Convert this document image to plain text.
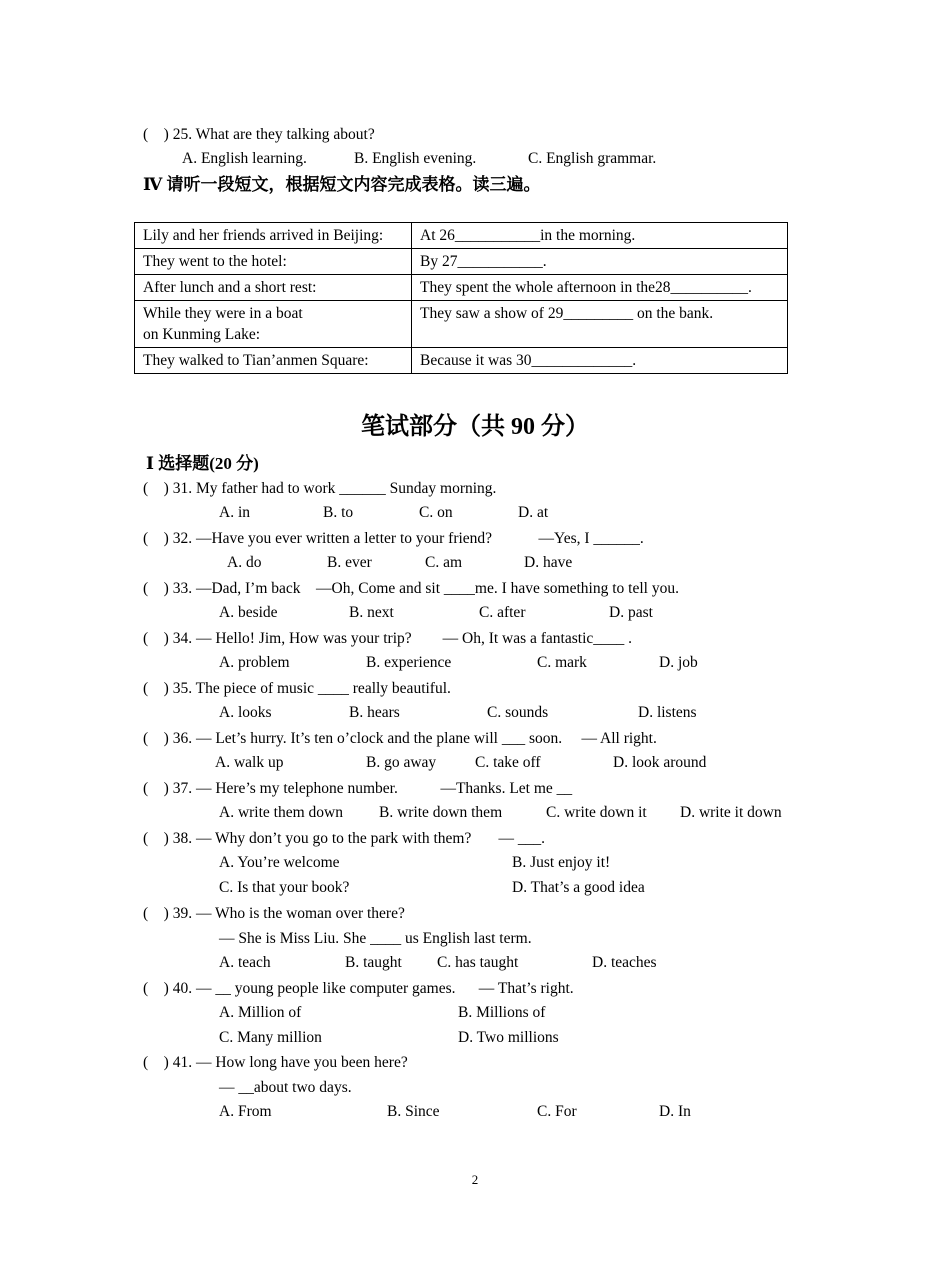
(    ) 25. What are they talking about?
A. English learning.	B. English evening.	C. English grammar.
Ⅳ 请听一段短文，根据短文内容完成表格。读三遍。
Lily and her friends arrived in Beijing:	At 26___________in the morning.
They went to the hotel:	By 27___________.
After lunch and a short rest:	They spent the whole afternoon in the28__________.

While they were in a boat
on Kunming Lake:	They saw a show of 29_________ on the bank.
They walked to Tian’anmen Square:	Because it was 30_____________.
笔试部分（共 90 分）
Ⅰ 选择题(20 分)
(    ) 31. My father had to work ______ Sunday morning.
A. in	B. to	C. on	D. at
(    ) 32. —Have you ever written a letter to your friend?            —Yes, I ______.
A. do	B. ever	C. am	D. have
(    ) 33. —Dad, I’m back    —Oh, Come and sit ____me. I have something to tell you.
A. beside	B. next	C. after	D. past
(    ) 34. — Hello! Jim, How was your trip?        — Oh, It was a fantastic____ .
A. problem	B. experience	C. mark	D. job
(    ) 35. The piece of music ____ really beautiful.
A. looks	B. hears	C. sounds	D. listens
(    ) 36. — Let’s hurry. It’s ten o’clock and the plane will ___ soon.     — All right.
A. walk up	B. go away	C. take off	D. look around
(    ) 37. — Here’s my telephone number.           —Thanks. Let me __
A. write them down B. write down them	C. write down it D. write it down
(    ) 38. — Why don’t you go to the park with them?       — ___.
A. You’re welcome	B. Just enjoy it!
C. Is that your book?	D. That’s a good idea
(    ) 39. — Who is the woman over there?
— She is Miss Liu. She ____ us English last term.
A. teach	B. taught C. has taught	D. teaches
(    ) 40. — __ young people like computer games.      — That’s right.
A. Million of	B. Millions of
C. Many million	D. Two millions
(    ) 41. — How long have you been here?
— __about two days.
A. From	B. Since	C. For	D. In
2
